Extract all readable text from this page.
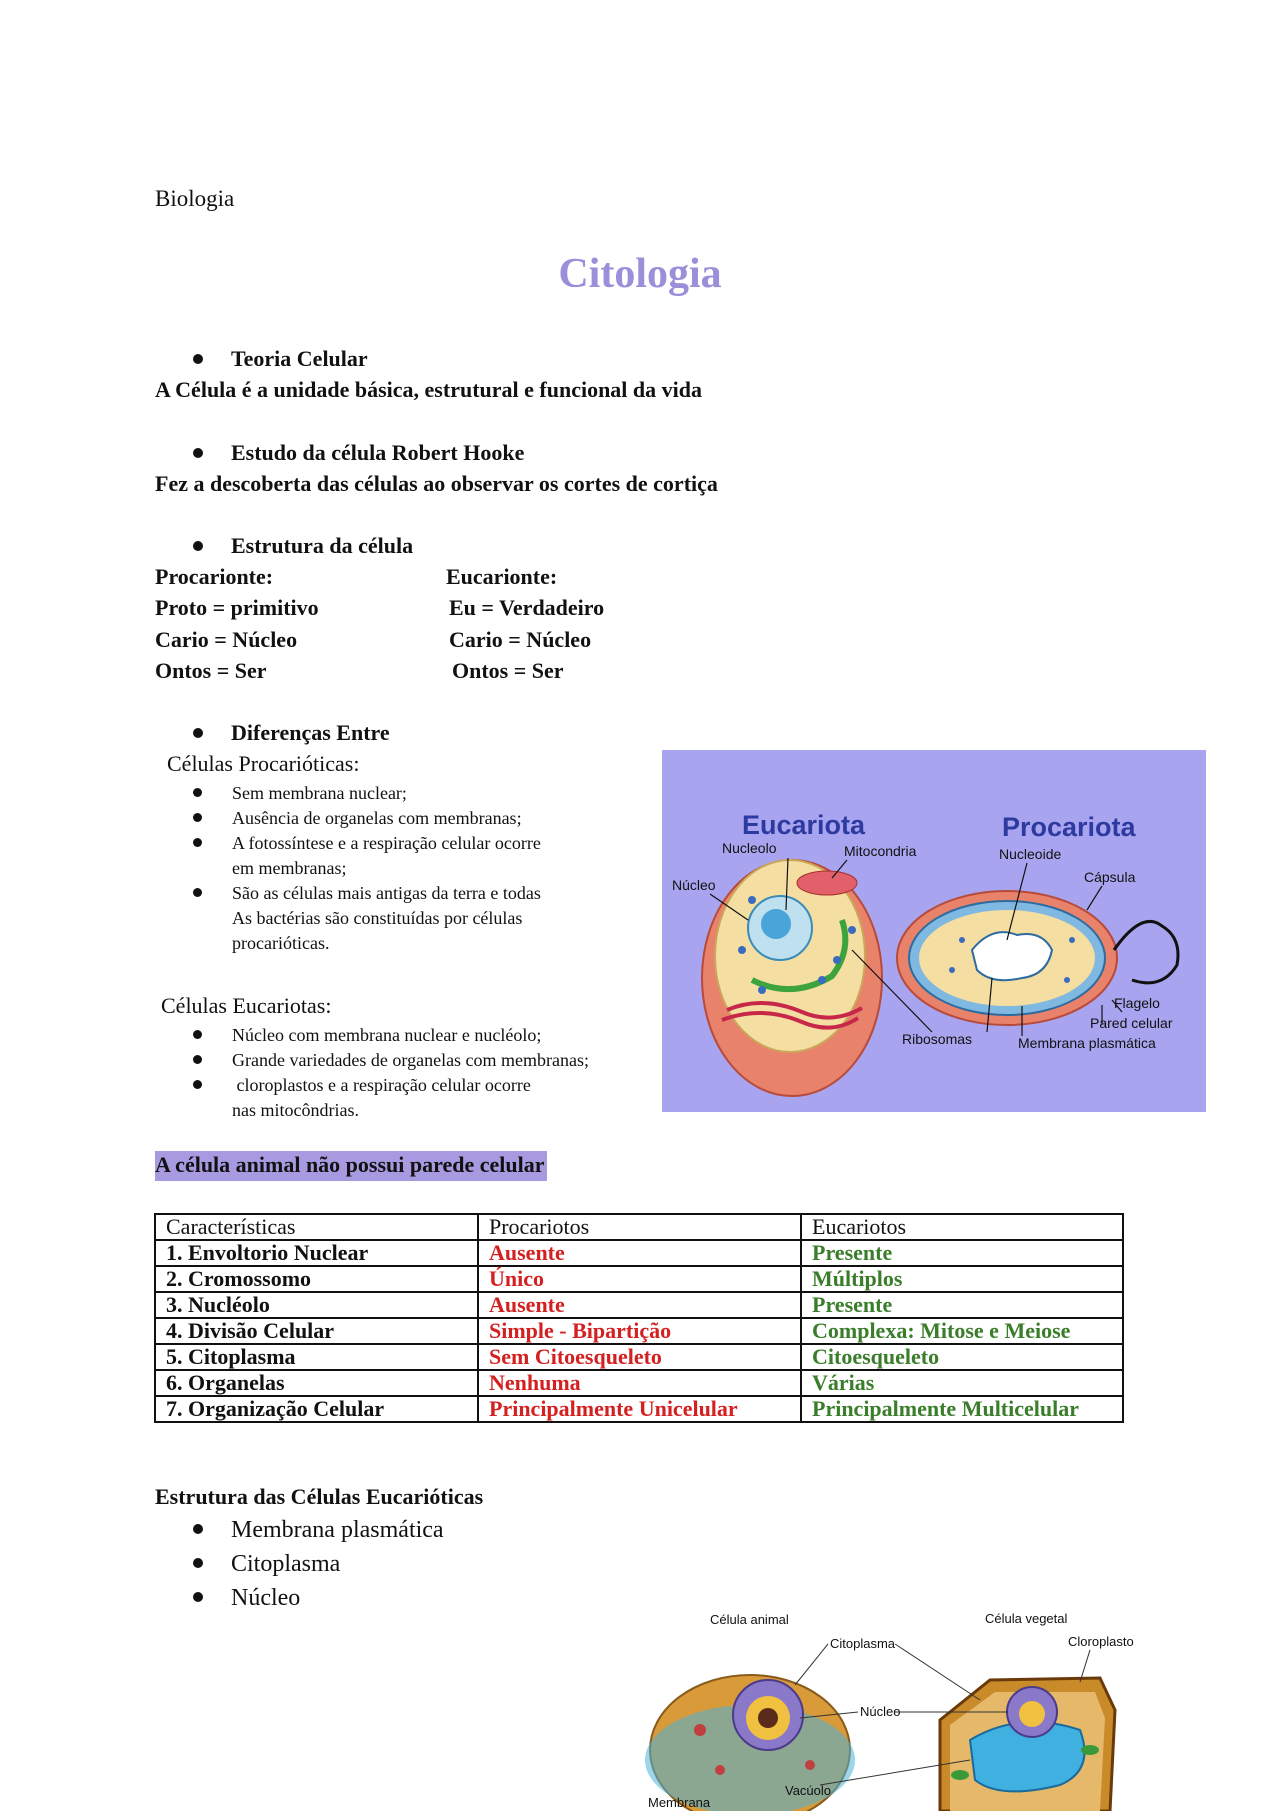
Biologia
Citologia
Teoria Celular
A Célula é a unidade básica, estrutural e funcional da vida
Estudo da célula Robert Hooke
Fez a descoberta das células ao observar os cortes de cortiça
Estrutura da célula
Procarionte:
Proto = primitivo
Cario = Núcleo
Ontos = Ser
Eucarionte:
Eu = Verdadeiro
Cario = Núcleo
Ontos = Ser
Diferenças Entre
Células Procarióticas:
Sem membrana nuclear;
Ausência de organelas com membranas;
A fotossíntese e a respiração celular ocorre
em membranas;
São as células mais antigas da terra e todas
As bactérias são constituídas por células
procarióticas.
Células Eucariotas:
Núcleo com membrana nuclear e nucléolo;
Grande variedades de organelas com membranas;
cloroplastos e a respiração celular ocorre
nas mitocôndrias.
Eucariota	Procariota
Nucleolo	Mitocondria
Núcleo
Nucleoide
Cápsula
Flagelo
Pared celular
Membrana plasmática
Ribosomas
A célula animal não possui parede celular
Características	Procariotos	Eucariotos
1. Envoltorio Nuclear	Ausente	Presente
2. Cromossomo	Único	Múltiplos
3. Nucléolo	Ausente	Presente
4. Divisão Celular	Simple - Bipartição	Complexa: Mitose e Meiose
5. Citoplasma	Sem Citoesqueleto	Citoesqueleto
6. Organelas	Nenhuma	Várias
7. Organização Celular	Principalmente Unicelular	Principalmente Multicelular
Estrutura das Células Eucarióticas
Membrana plasmática
Citoplasma
Núcleo
Célula animal	Célula vegetal
Citoplasma	Cloroplasto
Núcleo
Vacúolo
Membrana
